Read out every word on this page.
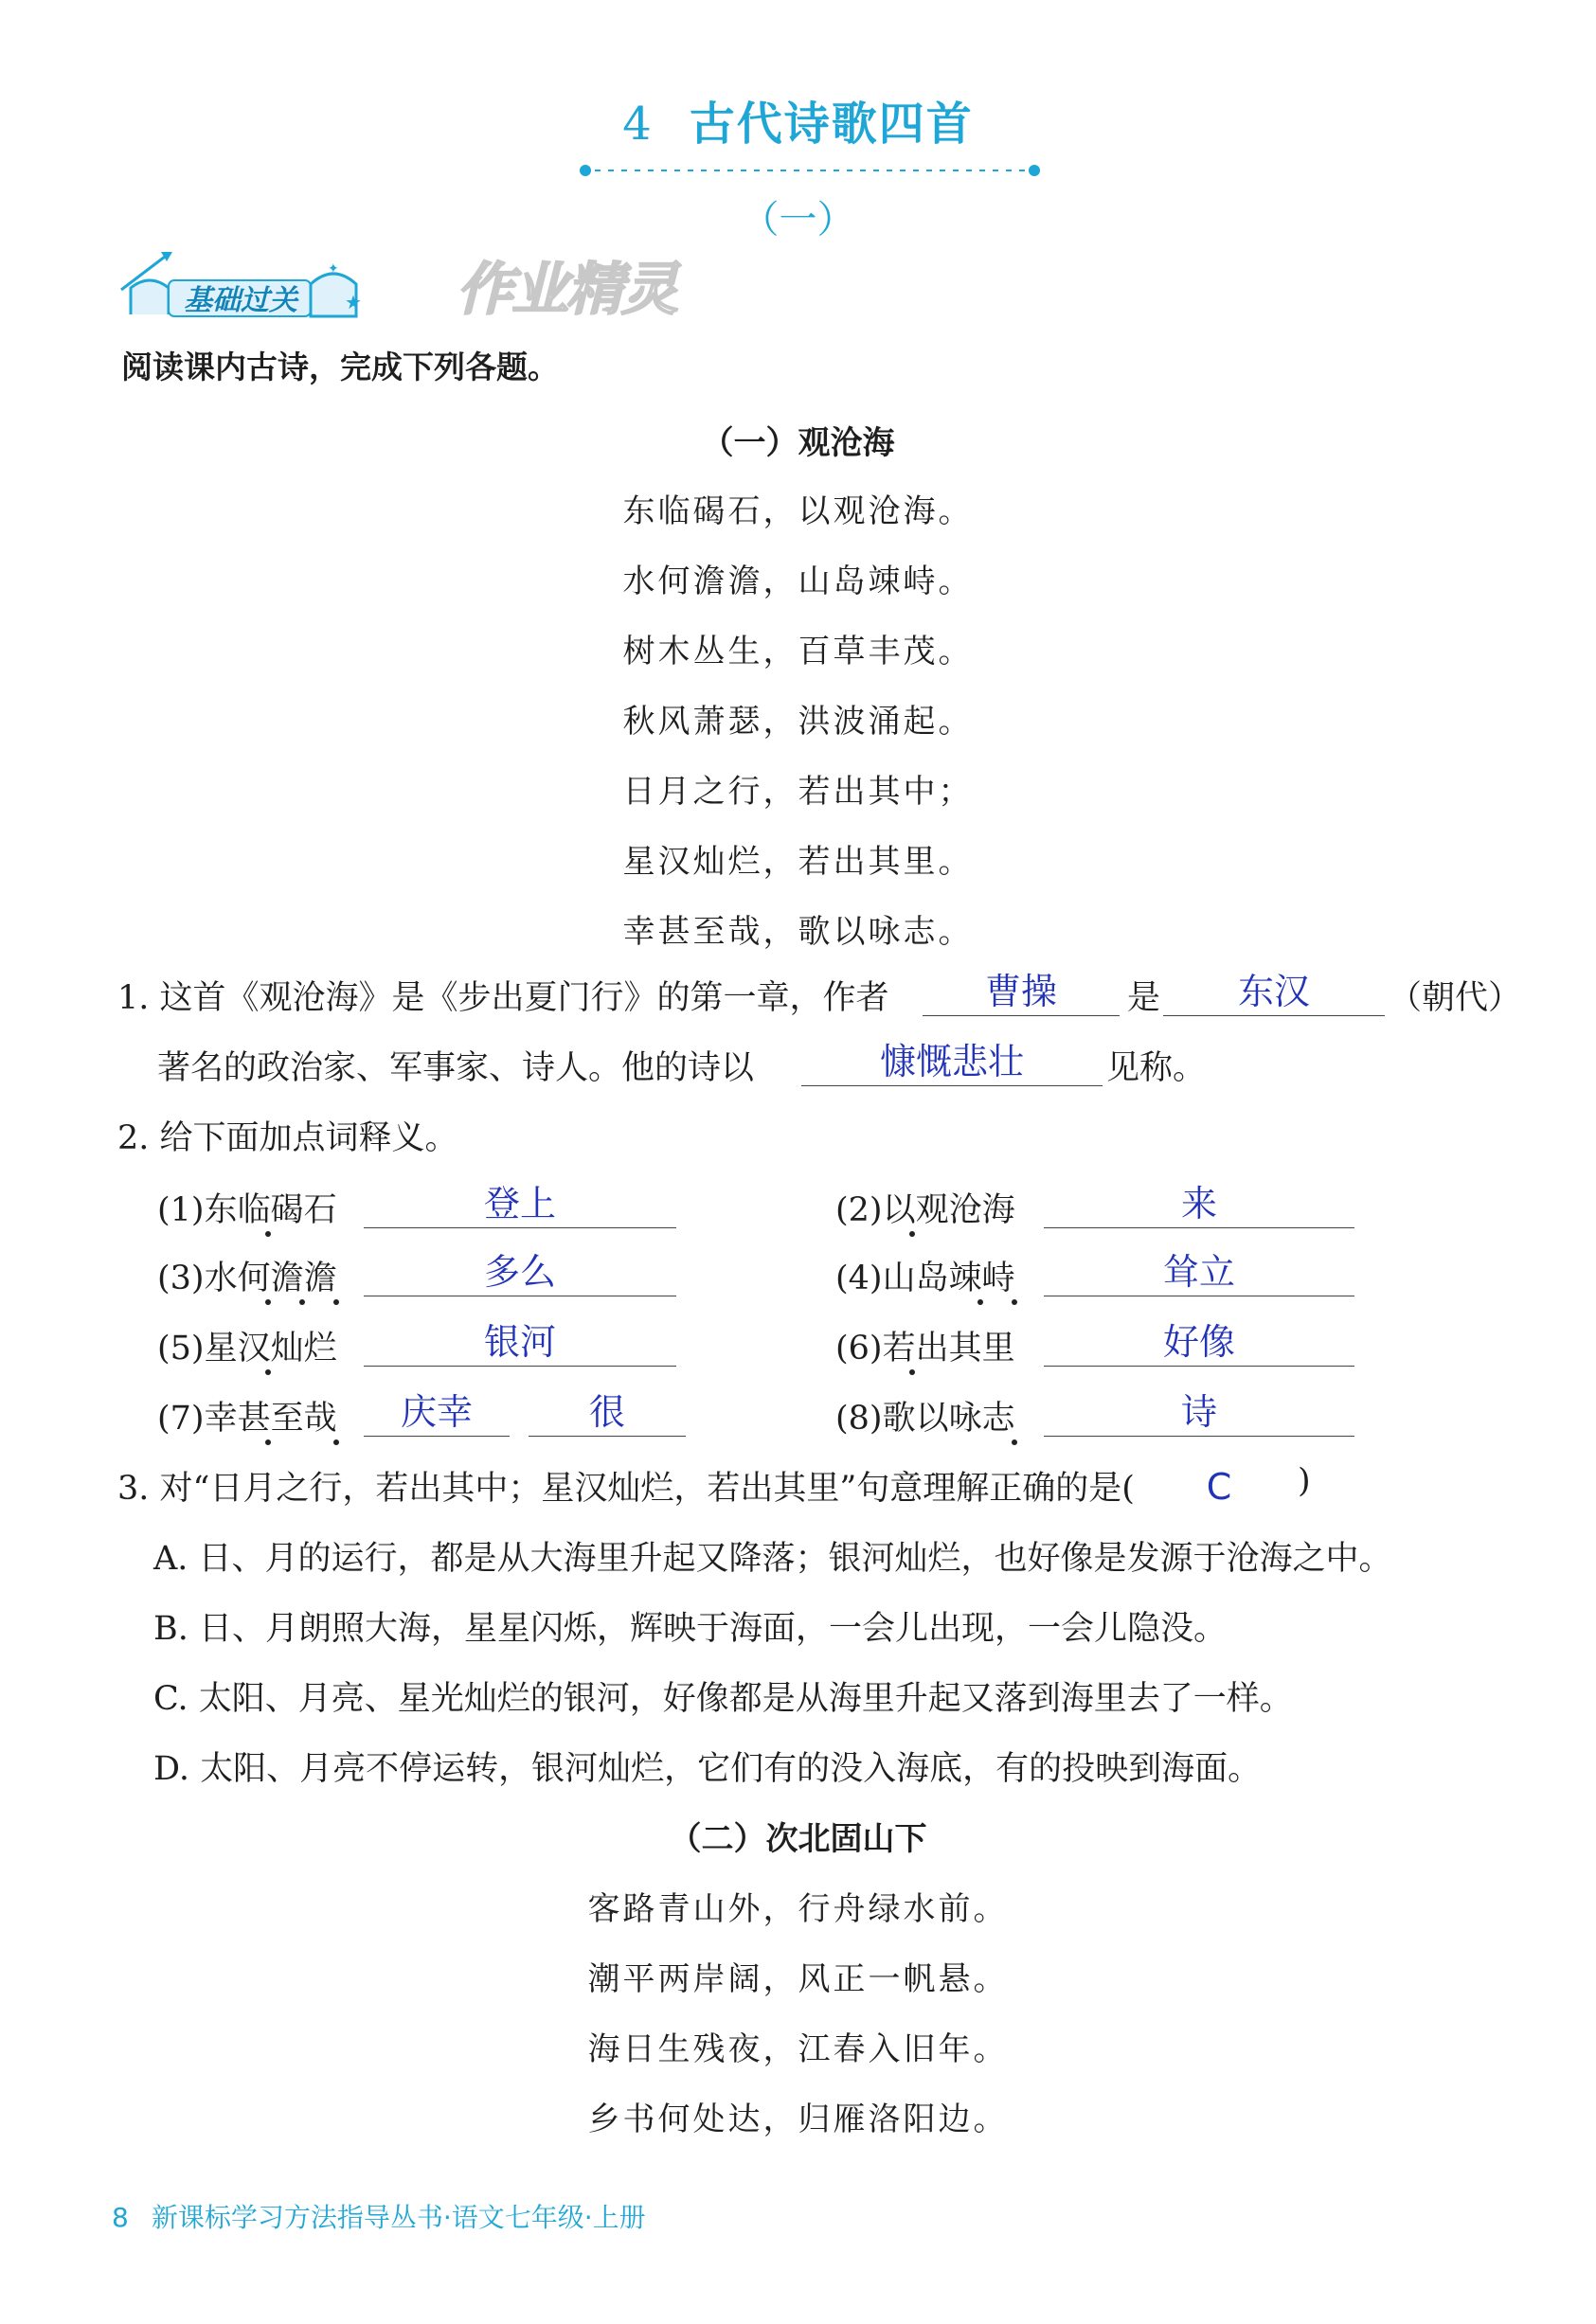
4 古代诗歌四首
（一）
★
✦
基础过关	作业精灵
阅读课内古诗，完成下列各题。
（一）观沧海
东临碣石，以观沧海。
水何澹澹，山岛竦峙。
树木丛生，百草丰茂。
秋风萧瑟，洪波涌起。
日月之行，若出其中；
星汉灿烂，若出其里。
幸甚至哉，歌以咏志。
1. 这首《观沧海》是《步出夏门行》的第一章，作者	曹操	是	东汉	（朝代）
著名的政治家、军事家、诗人。他的诗以	慷慨悲壮	见称。
2. 给下面加点词释义。
(1)东临碣石	登上	(2)以观沧海	来
(3)水何澹澹	多么	(4)山岛竦峙	耸立
(5)星汉灿烂	银河	(6)若出其里	好像
(7)幸甚至哉	庆幸	很	(8)歌以咏志	诗
3. 对“日月之行，若出其中；星汉灿烂，若出其里”句意理解正确的是(	C	)
A. 日、月的运行，都是从大海里升起又降落；银河灿烂，也好像是发源于沧海之中。
B. 日、月朗照大海，星星闪烁，辉映于海面，一会儿出现，一会儿隐没。
C. 太阳、月亮、星光灿烂的银河，好像都是从海里升起又落到海里去了一样。
D. 太阳、月亮不停运转，银河灿烂，它们有的没入海底，有的投映到海面。
（二）次北固山下
客路青山外，行舟绿水前。
潮平两岸阔，风正一帆悬。
海日生残夜，江春入旧年。
乡书何处达，归雁洛阳边。
8 新课标学习方法指导丛书·语文七年级·上册
